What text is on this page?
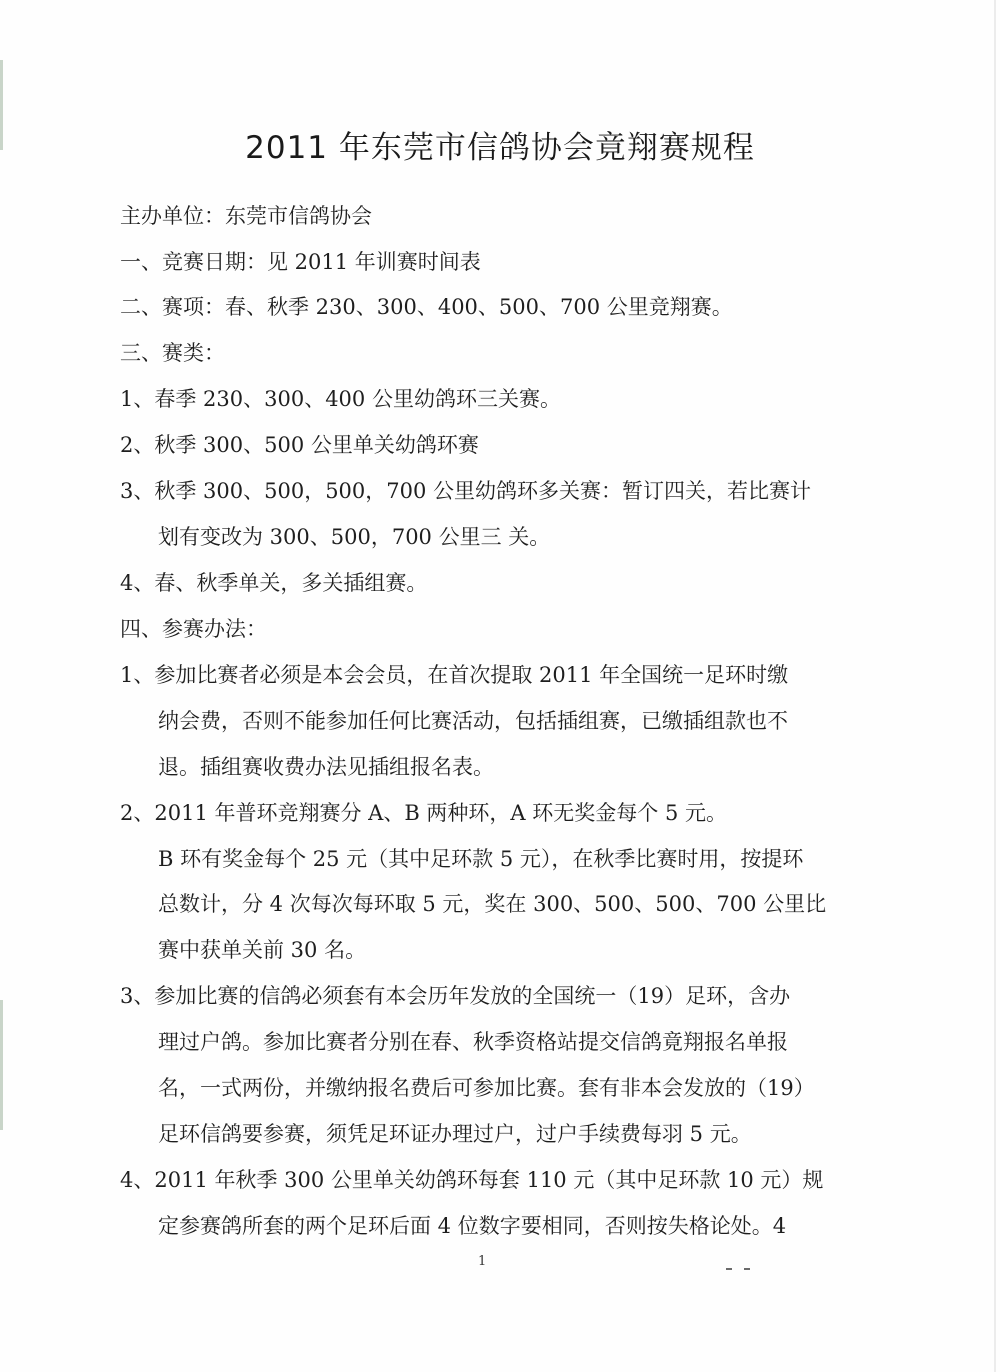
2011 年东莞市信鸽协会竟翔赛规程

主办单位：东莞市信鸽协会

一、竞赛日期：见 2011 年训赛时间表

二、赛项：春、秋季 230、300、400、500、700 公里竞翔赛。

三、赛类：

1、春季 230、300、400 公里幼鸽环三关赛。

2、秋季 300、500 公里单关幼鸽环赛

3、秋季 300、500，500，700 公里幼鸽环多关赛：暂订四关，若比赛计

划有变改为 300、500，700 公里三 关。

4、春、秋季单关，多关插组赛。

四、参赛办法：

1、参加比赛者必须是本会会员，在首次提取 2011 年全国统一足环时缴

纳会费，否则不能参加任何比赛活动，包括插组赛，已缴插组款也不

退。插组赛收费办法见插组报名表。

2、2011 年普环竞翔赛分 A、B 两种环，A 环无奖金每个 5 元。

B 环有奖金每个 25 元（其中足环款 5 元），在秋季比赛时用，按提环

总数计，分 4 次每次每环取 5 元，奖在 300、500、500、700 公里比

赛中获单关前 30 名。

3、参加比赛的信鸽必须套有本会历年发放的全国统一（19）足环，含办

理过户鸽。参加比赛者分别在春、秋季资格站提交信鸽竟翔报名单报

名，一式两份，并缴纳报名费后可参加比赛。套有非本会发放的（19）

足环信鸽要参赛，须凭足环证办理过户，过户手续费每羽 5 元。

4、2011 年秋季 300 公里单关幼鸽环每套 110 元（其中足环款 10 元）规

定参赛鸽所套的两个足环后面 4 位数字要相同，否则按失格论处。4

1
